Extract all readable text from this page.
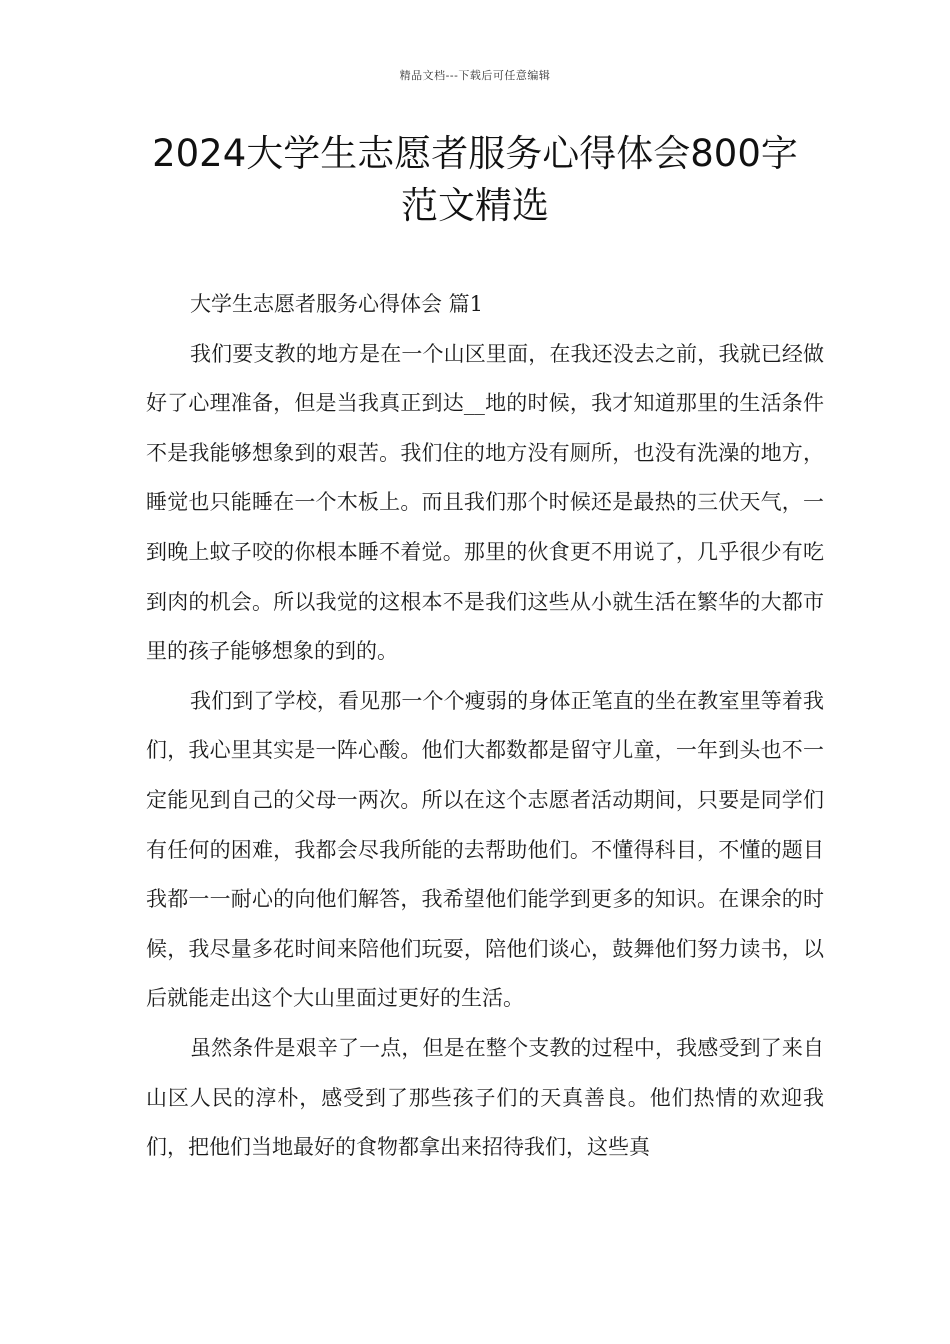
精品文档---下载后可任意编辑
2024大学生志愿者服务心得体会800字
范文精选

大学生志愿者服务心得体会 篇1

我们要支教的地方是在一个山区里面，在我还没去之前，我就已经做好了心理准备，但是当我真正到达__地的时候，我才知道那里的生活条件不是我能够想象到的艰苦。我们住的地方没有厕所，也没有洗澡的地方，睡觉也只能睡在一个木板上。而且我们那个时候还是最热的三伏天气，一到晚上蚊子咬的你根本睡不着觉。那里的伙食更不用说了，几乎很少有吃到肉的机会。所以我觉的这根本不是我们这些从小就生活在繁华的大都市里的孩子能够想象的到的。

我们到了学校，看见那一个个瘦弱的身体正笔直的坐在教室里等着我们，我心里其实是一阵心酸。他们大都数都是留守儿童，一年到头也不一定能见到自己的父母一两次。所以在这个志愿者活动期间，只要是同学们有任何的困难，我都会尽我所能的去帮助他们。不懂得科目，不懂的题目我都一一耐心的向他们解答，我希望他们能学到更多的知识。在课余的时候，我尽量多花时间来陪他们玩耍，陪他们谈心，鼓舞他们努力读书，以后就能走出这个大山里面过更好的生活。

虽然条件是艰辛了一点，但是在整个支教的过程中，我感受到了来自山区人民的淳朴，感受到了那些孩子们的天真善良。他们热情的欢迎我们，把他们当地最好的食物都拿出来招待我们，这些真
